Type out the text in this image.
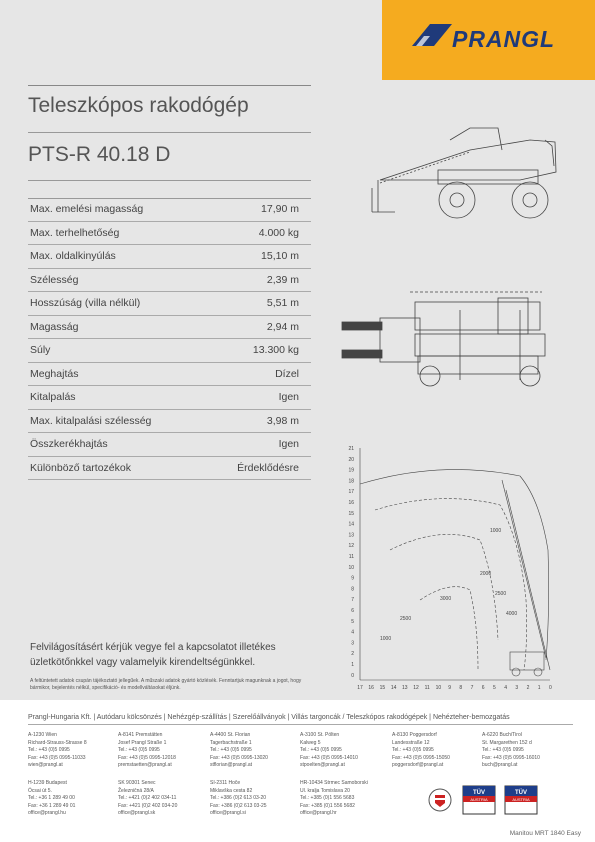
PRANGL
Teleszkópos rakodógép
PTS-R 40.18 D
Max. emelési magasság	17,90 m
Max. terhelhetőség	4.000 kg
Max. oldalkinyúlás	15,10 m
Szélesség	2,39 m
Hosszúság (villa nélkül)	5,51 m
Magasság	2,94 m
Súly	13.300 kg
Meghajtás	Dízel
Kitalpalás	Igen
Max. kitalpalási szélesség	3,98 m
Összkerékhajtás	Igen
Különböző tartozékok	Érdeklődésre
1000
2000
2500
4000
3000
2500
1000
21
20
19
18
17
16
15
14
13
12
11
10
9
8
7
6
5
4
3
2
1
0
17 16 15 14 13 12 11 10 9 8 7 6 5 4 3 2 1 0
Felvilágosításért kérjük vegye fel a kapcsolatot illetékes üzletkötőnkkel vagy valamelyik kirendeltségünkkel.
A feltüntetett adatok csupán tájékoztató jellegűek. A műszaki adatok gyártó közlésék. Fenntartjuk magunknak a jogot, hogy bármikor, bejelentés nélkül, specifikáció- és modellváltásokat éljünk.
Prangl-Hungaria Kft. | Autódaru kölcsönzés | Nehézgép-szállítás | Szerelőállványok | Villás targoncák / Teleszkópos rakodógépek | Nehézteher-bemozgatás
Manitou MRT 1840 Easy
A-1230 Wien
Richard-Strauss-Strasse 8
Tel.: +43 (0)5 0995
Fax: +43 (0)5 0995-11033
wien@prangl.at
A-8141 Premstätten
Josef Prangl Straße 1
Tel.: +43 (0)5 0995
Fax: +43 (0)5 0995-12018
premstaetten@prangl.at
A-4400 St. Florian
Tagerbachstraße 1
Tel.: +43 (0)5 0995
Fax: +43 (0)5 0995-13020
stflorian@prangl.at
A-3100 St. Pölten
Kalweg 5
Tel.: +43 (0)5 0995
Fax: +43 (0)5 0995-14010
stpoelten@prangl.at
A-8130 Poggersdorf
Landesstraße 12
Tel.: +43 (0)5 0995
Fax: +43 (0)5 0995-15050
poggersdorf@prangl.at
A-6220 Buch/Tirol
St. Margarethen 152 d
Tel.: +43 (0)5 0995
Fax: +43 (0)5 0995-16010
buch@prangl.at
H-1239 Budapest
Ócsai út 5.
Tel.: +36 1 289 49 00
Fax: +36 1 289 49 01
office@prangl.hu
SK 90301 Senec
Železničná 28/A
Tel.: +421 (0)2 402 034-11
Fax: +421 (0)2 402 034-20
office@prangl.sk
SI-2311 Hoče
Miklavška cesta 82
Tel.: +386 (0)2 613 03-20
Fax: +386 (0)2 613 03-25
office@prangl.si
HR-10434 Strmec Samoborski
Ul. kralja Tomislava 20
Tel.: +385 (0)1 556 5683
Fax: +385 (0)1 556 5682
office@prangl.hr
TÜV
AUSTRIA
TÜV
AUSTRIA
